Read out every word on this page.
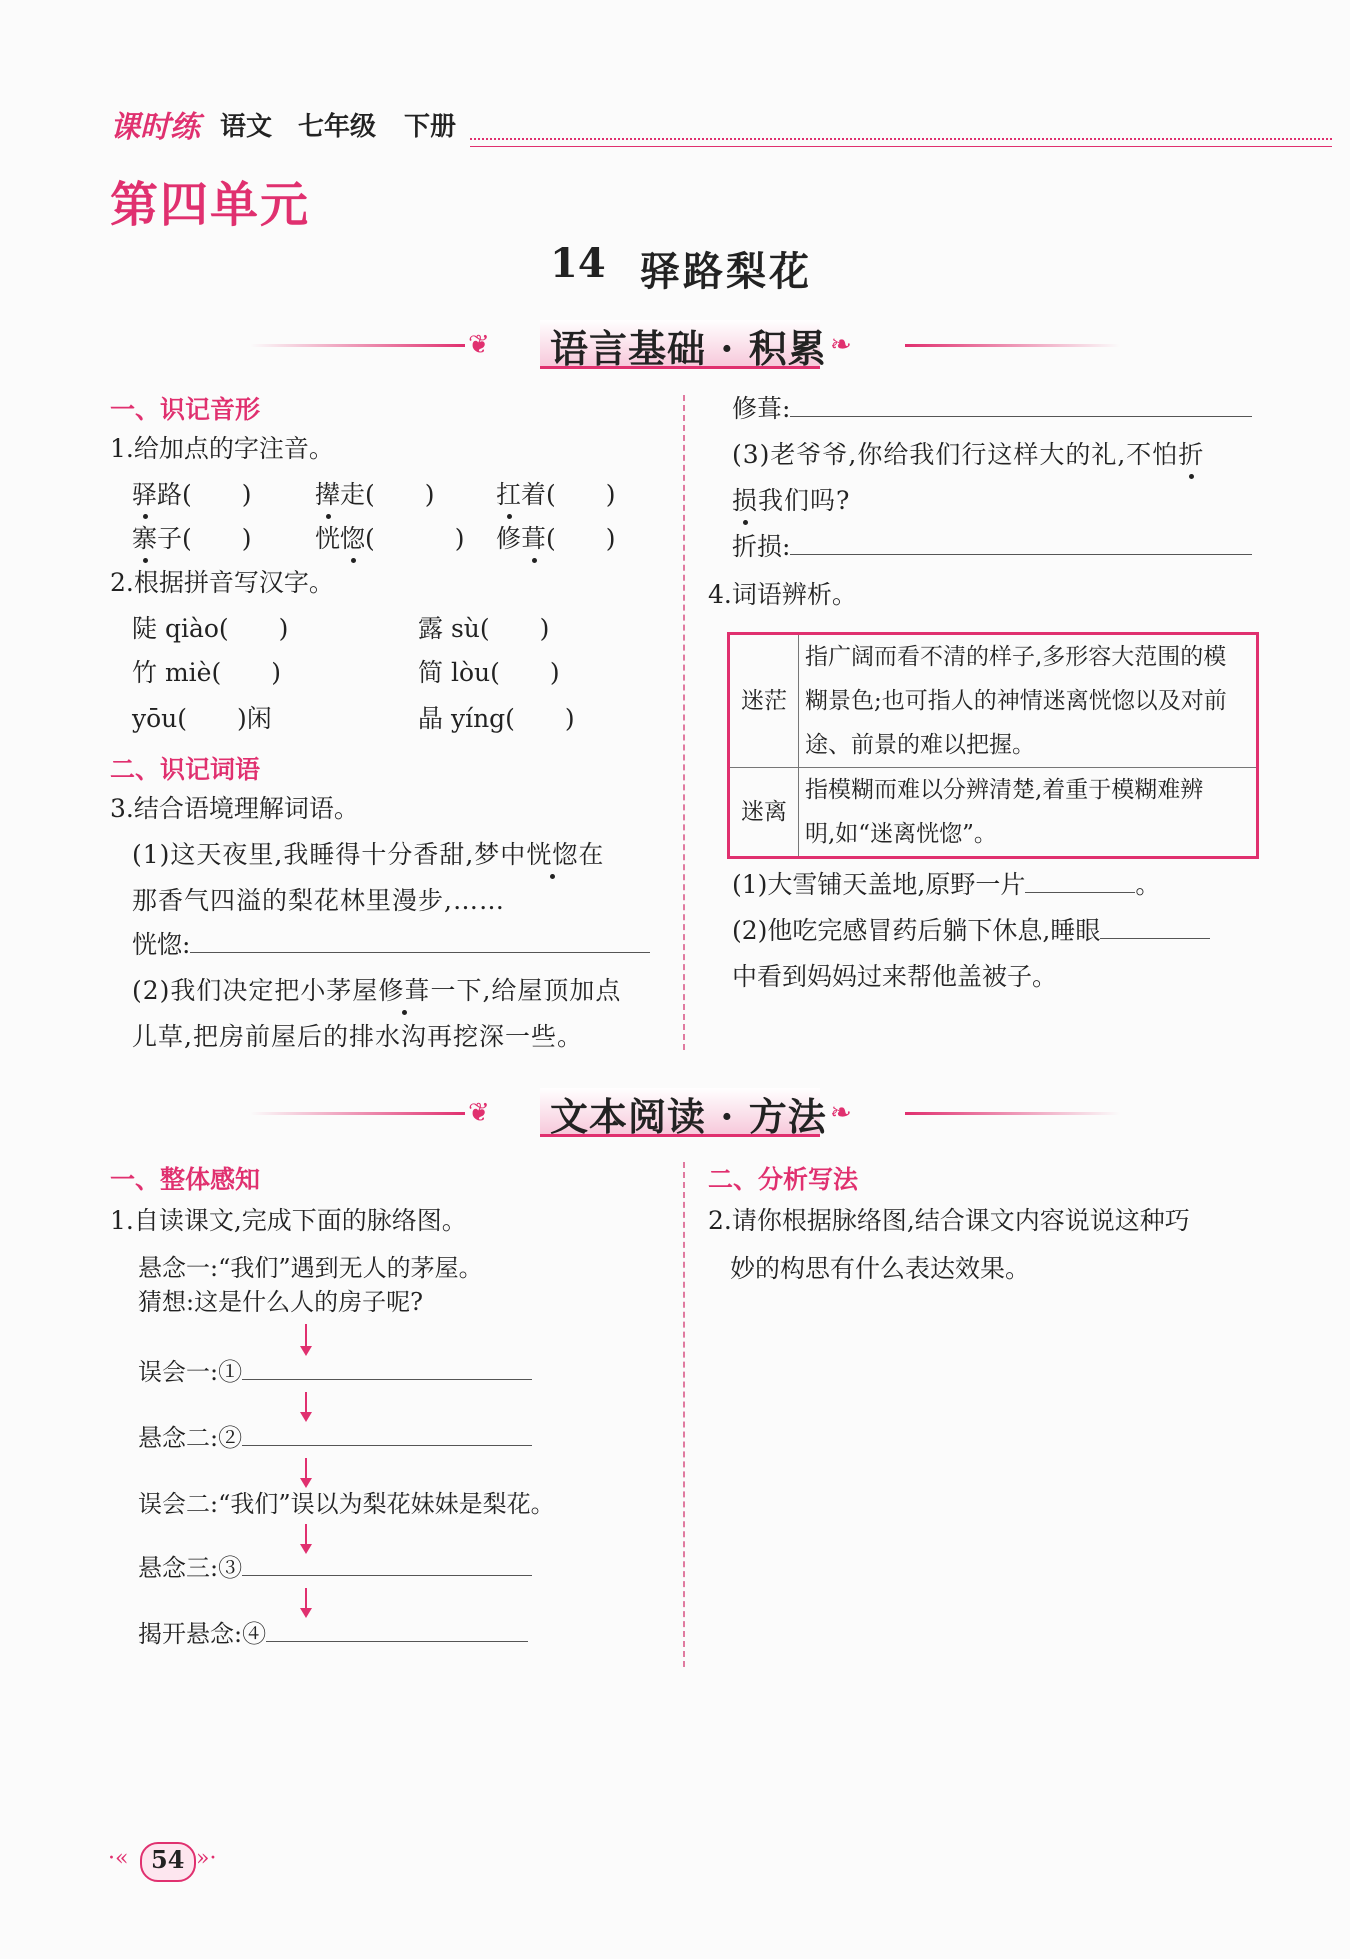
课时练 语文 七年级 下册
第四单元
14 驿路梨花
❦ 语言基础 · 积累 ❧
一、识记音形
1.给加点的字注音。
驿路( )	撵走( ) 扛着( )
寨子( )	恍惚(	) 修葺( )
2.根据拼音写汉字。
陡 qiào(　　)	露 sù(　　)
竹 miè(　　)	简 lòu(　　)
yōu(　　)闲	晶 yíng(　　)
二、识记词语
3.结合语境理解词语。
(1)这天夜里,我睡得十分香甜,梦中恍惚在
那香气四溢的梨花林里漫步,……
恍惚:
(2)我们决定把小茅屋修葺一下,给屋顶加点
儿草,把房前屋后的排水沟再挖深一些。
修葺:
(3)老爷爷,你给我们行这样大的礼,不怕折
损我们吗?
折损:
4.词语辨析。
迷茫	指广阔而看不清的样子,多形容大范围的模
糊景色;也可指人的神情迷离恍惚以及对前
途、前景的难以把握。

迷离	指模糊而难以分辨清楚,着重于模糊难辨
明,如“迷离恍惚”。
(1)大雪铺天盖地,原野一片	。
(2)他吃完感冒药后躺下休息,睡眼
中看到妈妈过来帮他盖被子。
❦ 文本阅读 · 方法 ❧
一、整体感知
1.自读课文,完成下面的脉络图。
悬念一:“我们”遇到无人的茅屋。
猜想:这是什么人的房子呢?
误会一:①
悬念二:②
误会二:“我们”误以为梨花妹妹是梨花。
悬念三:③
揭开悬念:④
二、分析写法
2.请你根据脉络图,结合课文内容说说这种巧
妙的构思有什么表达效果。
·« 54 »·
